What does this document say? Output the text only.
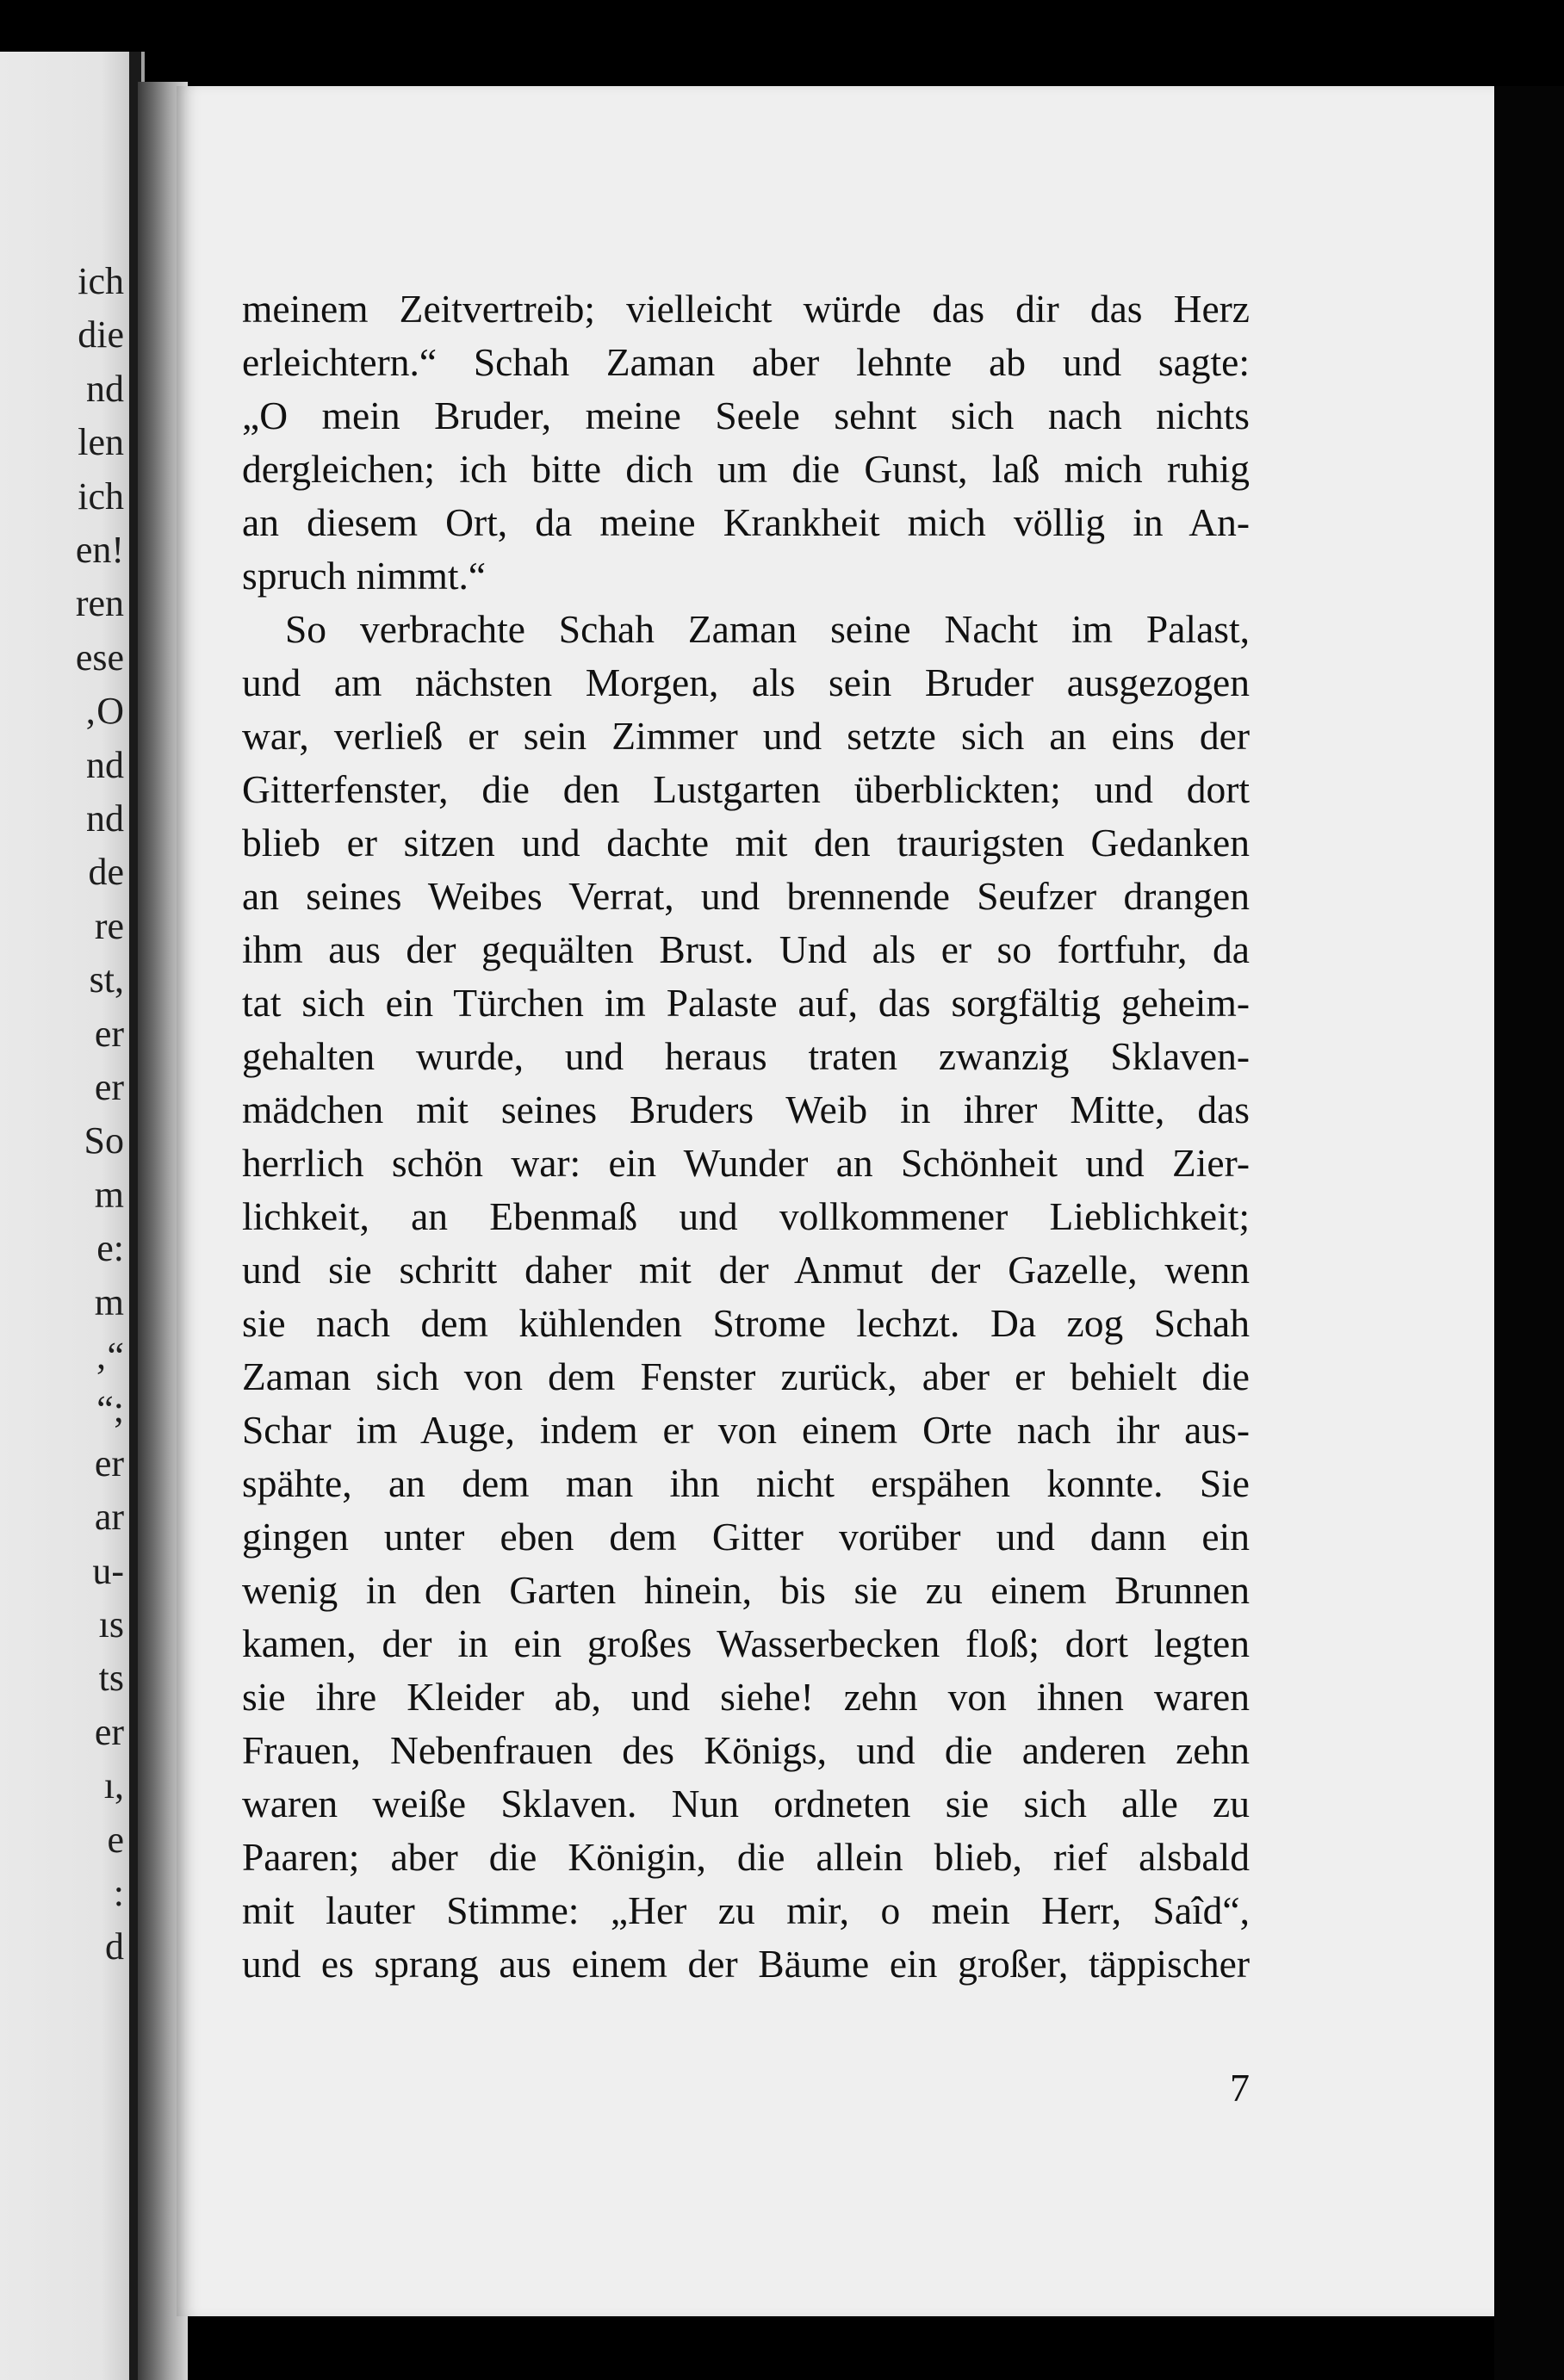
ich
die
nd
len
ich
en!
ren
ese
‚O
nd
nd
de
re
st,
er
er
So
m
e:
m
‚“
“;
er
ar
u-
ıs
ts
er
ı,
e
:
d
meinem Zeitvertreib; vielleicht würde das dir das Herz
erleichtern.“ Schah Zaman aber lehnte ab und sagte:
„O mein Bruder, meine Seele sehnt sich nach nichts
dergleichen; ich bitte dich um die Gunst, laß mich ruhig
an diesem Ort, da meine Krankheit mich völlig in An-
spruch nimmt.“
So verbrachte Schah Zaman seine Nacht im Palast,
und am nächsten Morgen, als sein Bruder ausgezogen
war, verließ er sein Zimmer und setzte sich an eins der
Gitterfenster, die den Lustgarten überblickten; und dort
blieb er sitzen und dachte mit den traurigsten Gedanken
an seines Weibes Verrat, und brennende Seufzer drangen
ihm aus der gequälten Brust. Und als er so fortfuhr, da
tat sich ein Türchen im Palaste auf, das sorgfältig geheim-
gehalten wurde, und heraus traten zwanzig Sklaven-
mädchen mit seines Bruders Weib in ihrer Mitte, das
herrlich schön war: ein Wunder an Schönheit und Zier-
lichkeit, an Ebenmaß und vollkommener Lieblichkeit;
und sie schritt daher mit der Anmut der Gazelle, wenn
sie nach dem kühlenden Strome lechzt. Da zog Schah
Zaman sich von dem Fenster zurück, aber er behielt die
Schar im Auge, indem er von einem Orte nach ihr aus-
spähte, an dem man ihn nicht erspähen konnte. Sie
gingen unter eben dem Gitter vorüber und dann ein
wenig in den Garten hinein, bis sie zu einem Brunnen
kamen, der in ein großes Wasserbecken floß; dort legten
sie ihre Kleider ab, und siehe! zehn von ihnen waren
Frauen, Nebenfrauen des Königs, und die anderen zehn
waren weiße Sklaven. Nun ordneten sie sich alle zu
Paaren; aber die Königin, die allein blieb, rief alsbald
mit lauter Stimme: „Her zu mir, o mein Herr, Saîd“,
und es sprang aus einem der Bäume ein großer, täppischer
7
